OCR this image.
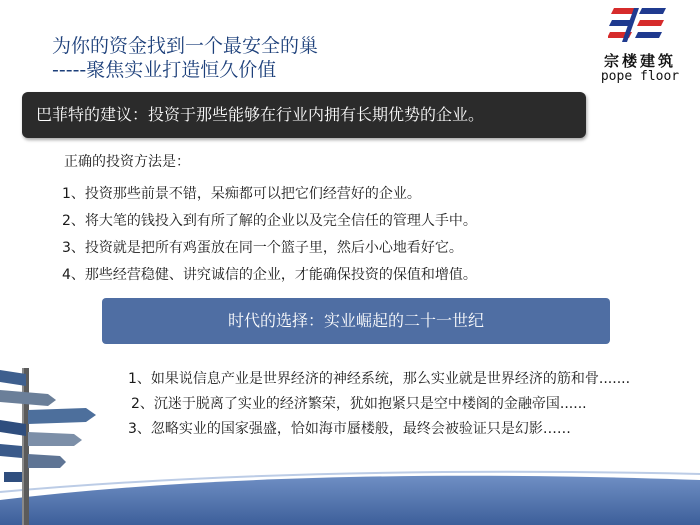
为你的资金找到一个最安全的巢
-----聚焦实业打造恒久价值	宗楼建筑
pope floor
巴菲特的建议：投资于那些能够在行业内拥有长期优势的企业。
正确的投资方法是：
1、投资那些前景不错，呆痴都可以把它们经营好的企业。
2、将大笔的钱投入到有所了解的企业以及完全信任的管理人手中。
3、投资就是把所有鸡蛋放在同一个篮子里，然后小心地看好它。
4、那些经营稳健、讲究诚信的企业，才能确保投资的保值和增值。
时代的选择：实业崛起的二十一世纪
1、如果说信息产业是世界经济的神经系统，那么实业就是世界经济的筋和骨.......
2、沉迷于脱离了实业的经济繁荣，犹如抱紧只是空中楼阁的金融帝国......
3、忽略实业的国家强盛，恰如海市蜃楼般，最终会被验证只是幻影……
